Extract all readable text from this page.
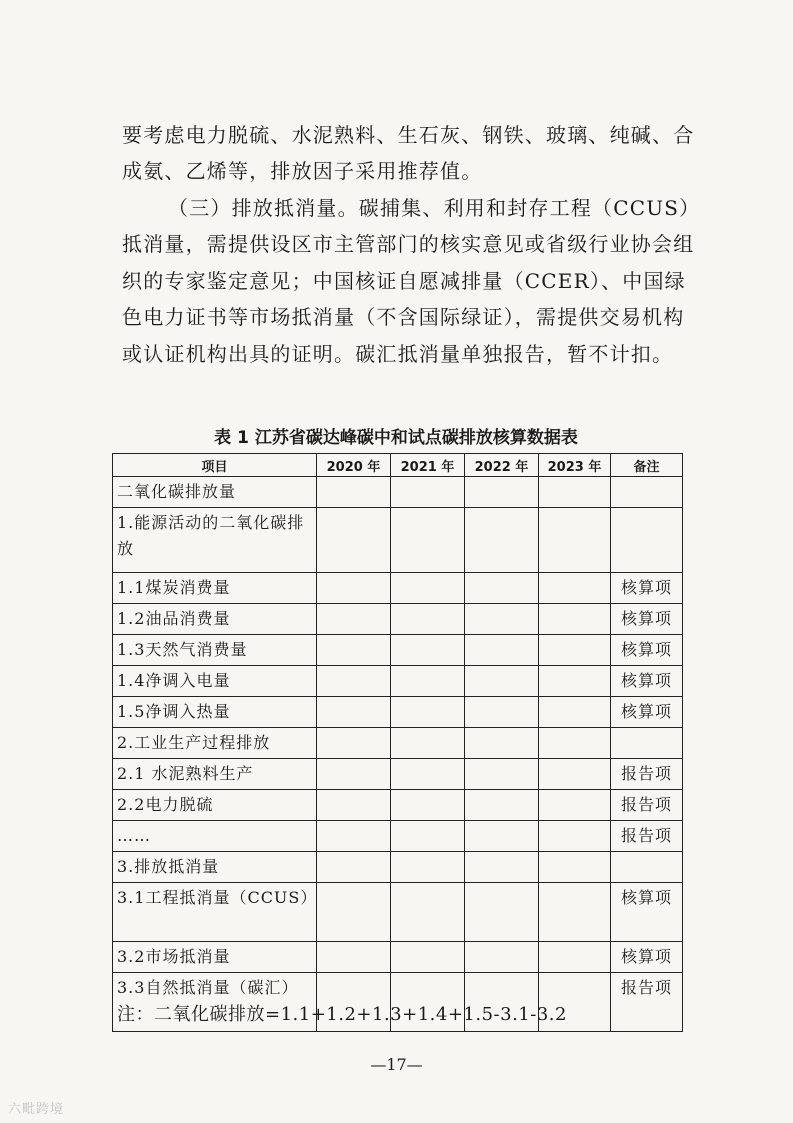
要考虑电力脱硫、水泥熟料、生石灰、钢铁、玻璃、纯碱、合成氨、乙烯等，排放因子采用推荐值。

（三）排放抵消量。碳捕集、利用和封存工程（CCUS）抵消量，需提供设区市主管部门的核实意见或省级行业协会组织的专家鉴定意见；中国核证自愿减排量（CCER）、中国绿色电力证书等市场抵消量（不含国际绿证），需提供交易机构或认证机构出具的证明。碳汇抵消量单独报告，暂不计扣。

表 1 江苏省碳达峰碳中和试点碳排放核算数据表
项目	2020 年	2021 年	2022 年	2023 年	备注
二氧化碳排放量					
1.能源活动的二氧化碳排放					
1.1煤炭消费量					核算项
1.2油品消费量					核算项
1.3天然气消费量					核算项
1.4净调入电量					核算项
1.5净调入热量					核算项
2.工业生产过程排放					
2.1 水泥熟料生产					报告项
2.2电力脱硫					报告项
……					报告项
3.排放抵消量					
3.1工程抵消量（CCUS）					核算项
3.2市场抵消量					核算项
3.3自然抵消量（碳汇）					报告项

注：二氧化碳排放=1.1+1.2+1.3+1.4+1.5-3.1-3.2

—17—
六毗跨境
